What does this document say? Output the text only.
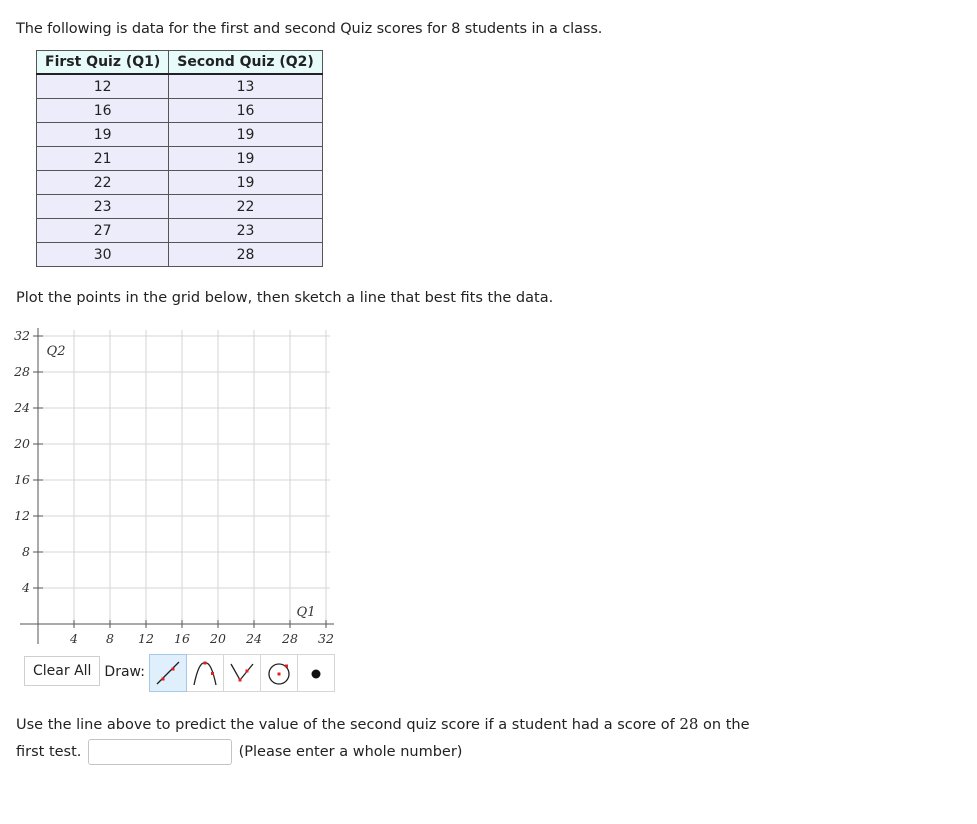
The following is data for the first and second Quiz scores for 8 students in a class.
First Quiz (Q1)	Second Quiz (Q2)
12	13
16	16
19	19
21	19
22	19
23	22
27	23
30	28
Plot the points in the grid below, then sketch a line that best fits the data.
4 8 12 16 20 24 28 32
32
28
24
20
16
12
8
4
Q1
Q2
Clear All Draw:
Use the line above to predict the value of the second quiz score if a student had a score of 28 on the
first test.	(Please enter a whole number)
